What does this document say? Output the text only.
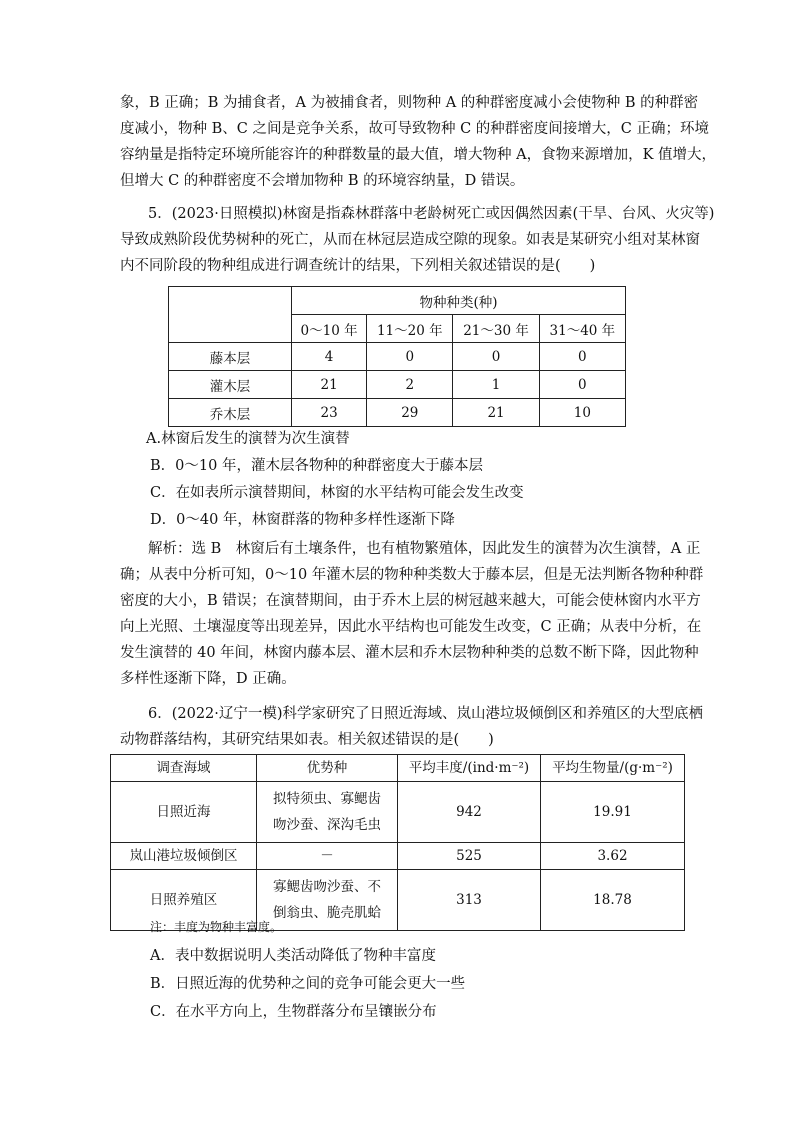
象，B 正确；B 为捕食者，A 为被捕食者，则物种 A 的种群密度减小会使物种 B 的种群密
度减小，物种 B、C 之间是竞争关系，故可导致物种 C 的种群密度间接增大，C 正确；环境
容纳量是指特定环境所能容许的种群数量的最大值，增大物种 A，食物来源增加，K 值增大，
但增大 C 的种群密度不会增加物种 B 的环境容纳量，D 错误。
5．(2023·日照模拟)林窗是指森林群落中老龄树死亡或因偶然因素(干旱、台风、火灾等)
导致成熟阶段优势树种的死亡，从而在林冠层造成空隙的现象。如表是某研究小组对某林窗
内不同阶段的物种组成进行调查统计的结果，下列相关叙述错误的是(　　)
	物种种类(种)			
	0～10 年	11～20 年	21～30 年	31～40 年
藤本层	4	0	0	0
灌木层	21	2	1	0
乔木层	23	29	21	10
A.林窗后发生的演替为次生演替
B．0～10 年，灌木层各物种的种群密度大于藤本层
C．在如表所示演替期间，林窗的水平结构可能会发生改变
D．0～40 年，林窗群落的物种多样性逐渐下降
解析：选 B　林窗后有土壤条件，也有植物繁殖体，因此发生的演替为次生演替，A 正
确；从表中分析可知，0～10 年灌木层的物种种类数大于藤本层，但是无法判断各物种种群
密度的大小，B 错误；在演替期间，由于乔木上层的树冠越来越大，可能会使林窗内水平方
向上光照、土壤湿度等出现差异，因此水平结构也可能发生改变，C 正确；从表中分析，在
发生演替的 40 年间，林窗内藤本层、灌木层和乔木层物种种类的总数不断下降，因此物种
多样性逐渐下降，D 正确。
6．(2022·辽宁一模)科学家研究了日照近海域、岚山港垃圾倾倒区和养殖区的大型底栖
动物群落结构，其研究结果如表。相关叙述错误的是(　　)
调查海域	优势种	平均丰度/(ind·m⁻²)	平均生物量/(g·m⁻²)
日照近海	拟特须虫、寡鳃齿
吻沙蚕、深沟毛虫	942	19.91
岚山港垃圾倾倒区	－	525	3.62
日照养殖区	寡鳃齿吻沙蚕、不
倒翁虫、脆壳肌蛤	313	18.78
注：丰度为物种丰富度。
A．表中数据说明人类活动降低了物种丰富度
B．日照近海的优势种之间的竞争可能会更大一些
C．在水平方向上，生物群落分布呈镶嵌分布
